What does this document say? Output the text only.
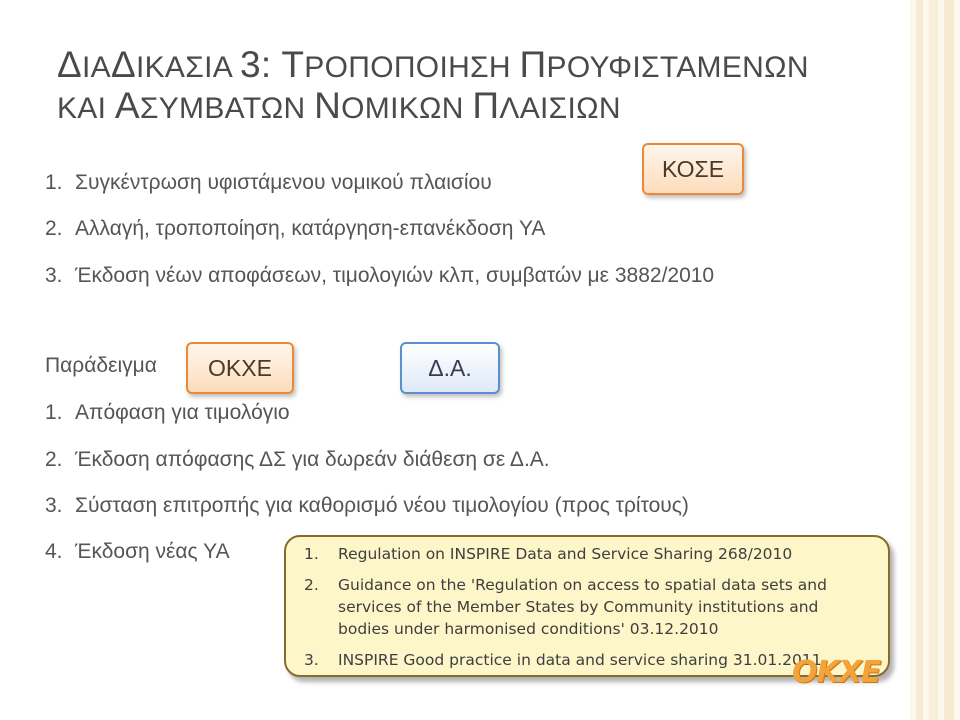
ΔΙΑΔΙΚΑΣΙΑ 3: ΤΡΟΠΟΠΟΙΗΣΗ ΠΡΟΥΦΙΣΤΑΜΕΝΩΝ
ΚΑΙ ΑΣΥΜΒΑΤΩΝ ΝΟΜΙΚΩΝ ΠΛΑΙΣΙΩΝ
1. Συγκέντρωση υφιστάμενου νομικού πλαισίου
2. Αλλαγή, τροποποίηση, κατάργηση-επανέκδοση ΥΑ
3. Έκδοση νέων αποφάσεων, τιμολογιών κλπ, συμβατών με 3882/2010
ΚΟΣΕ
Παράδειγμα	ΟΚΧΕ	Δ.Α.
1. Απόφαση για τιμολόγιο
2. Έκδοση απόφασης ΔΣ για δωρεάν διάθεση σε Δ.Α.
3. Σύσταση επιτροπής για καθορισμό νέου τιμολογίου (προς τρίτους)
4. Έκδοση νέας ΥΑ	1. Regulation on INSPIRE Data and Service Sharing 268/2010
2. Guidance on the 'Regulation on access to spatial data sets and services of the Member States by Community institutions and bodies under harmonised conditions' 03.12.2010
3. INSPIRE Good practice in data and service sharing 31.01.2011
ΟΚΧΕ
